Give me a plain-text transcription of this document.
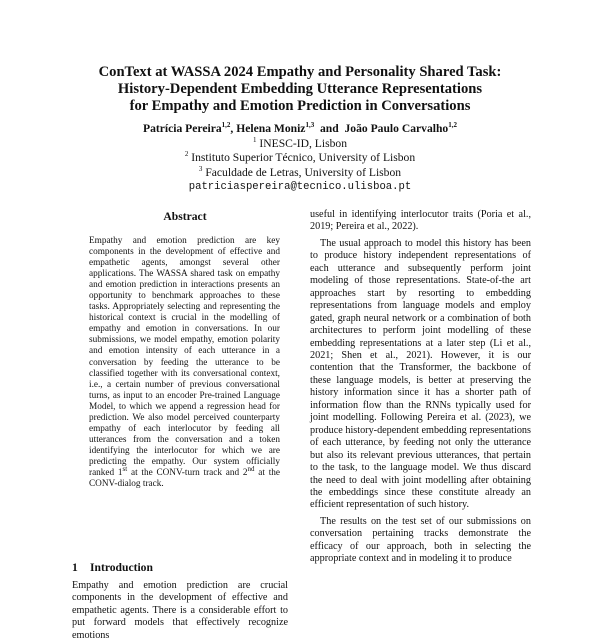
ConText at WASSA 2024 Empathy and Personality Shared Task:
History-Dependent Embedding Utterance Representations
for Empathy and Emotion Prediction in Conversations
Patrícia Pereira$^{1,2}$, Helena Moniz$^{1,3}$  and  João Paulo Carvalho$^{1,2}$
$^1$ INESC-ID, Lisbon
$^2$ Instituto Superior Técnico, University of Lisbon
$^3$ Faculdade de Letras, University of Lisbon
patriciaspereira@tecnico.ulisboa.pt
Abstract

Empathy and emotion prediction are key components in the development of effective and empathetic agents, amongst several other applications. The WASSA shared task on empathy and emotion prediction in interactions presents an opportunity to benchmark approaches to these tasks. Appropriately selecting and representing the historical context is crucial in the modelling of empathy and emotion in conversations. In our submissions, we model empathy, emotion polarity and emotion intensity of each utterance in a conversation by feeding the utterance to be classified together with its conversational context, i.e., a certain number of previous conversational turns, as input to an encoder Pre-trained Language Model, to which we append a regression head for prediction. We also model perceived counterparty empathy of each interlocutor by feeding all utterances from the conversation and a token identifying the interlocutor for which we are predicting the empathy. Our system officially ranked 1st at the CONV-turn track and 2nd at the CONV-dialog track.

1 Introduction

Empathy and emotion prediction are crucial components in the development of effective and empathetic agents. There is a considerable effort to put forward models that effectively recognize emotions

useful in identifying interlocutor traits (Poria et al., 2019; Pereira et al., 2022).

The usual approach to model this history has been to produce history independent representations of each utterance and subsequently perform joint modeling of those representations. State-of-the art approaches start by resorting to embedding representations from language models and employ gated, graph neural network or a combination of both architectures to perform joint modelling of these embedding representations at a later step (Li et al., 2021; Shen et al., 2021). However, it is our contention that the Transformer, the backbone of these language models, is better at preserving the history information since it has a shorter path of information flow than the RNNs typically used for joint modelling. Following Pereira et al. (2023), we produce history-dependent embedding representations of each utterance, by feeding not only the utterance but also its relevant previous utterances, that pertain to the task, to the language model. We thus discard the need to deal with joint modelling after obtaining the embeddings since these constitute already an efficient representation of such history.

The results on the test set of our submissions on conversation pertaining tracks demonstrate the efficacy of our approach, both in selecting the appropriate context and in modeling it to produce
